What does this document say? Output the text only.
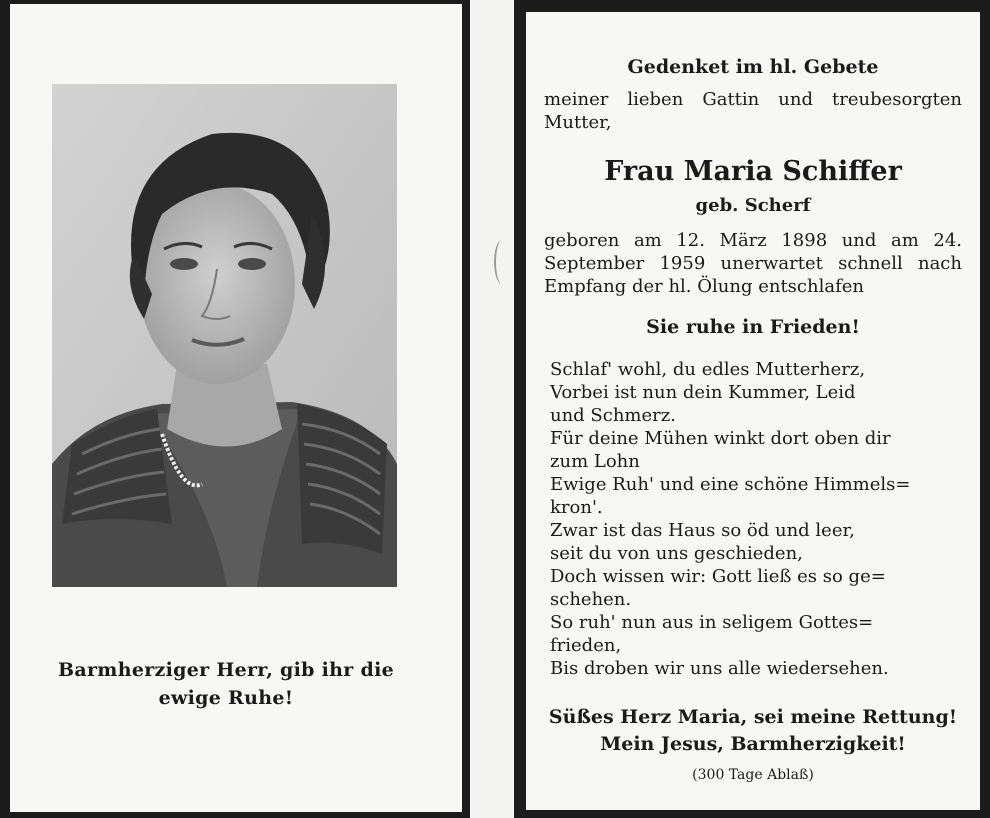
Barmherziger Herr, gib ihr die
ewige Ruhe!
Gedenket im hl. Gebete
meiner lieben Gattin und treubesorgten Mutter,
Frau Maria Schiffer
geb. Scherf
geboren am 12. März 1898 und am 24. September 1959 unerwartet schnell nach Empfang der hl. Ölung entschlafen
Sie ruhe in Frieden!
Schlaf' wohl, du edles Mutterherz,
Vorbei ist nun dein Kummer, Leid
und Schmerz.
Für deine Mühen winkt dort oben dir
zum Lohn
Ewige Ruh' und eine schöne Himmels=
kron'.
Zwar ist das Haus so öd und leer,
seit du von uns geschieden,
Doch wissen wir: Gott ließ es so ge=
schehen.
So ruh' nun aus in seligem Gottes=
frieden,
Bis droben wir uns alle wiedersehen.
Süßes Herz Maria, sei meine Rettung!
Mein Jesus, Barmherzigkeit!
(300 Tage Ablaß)
